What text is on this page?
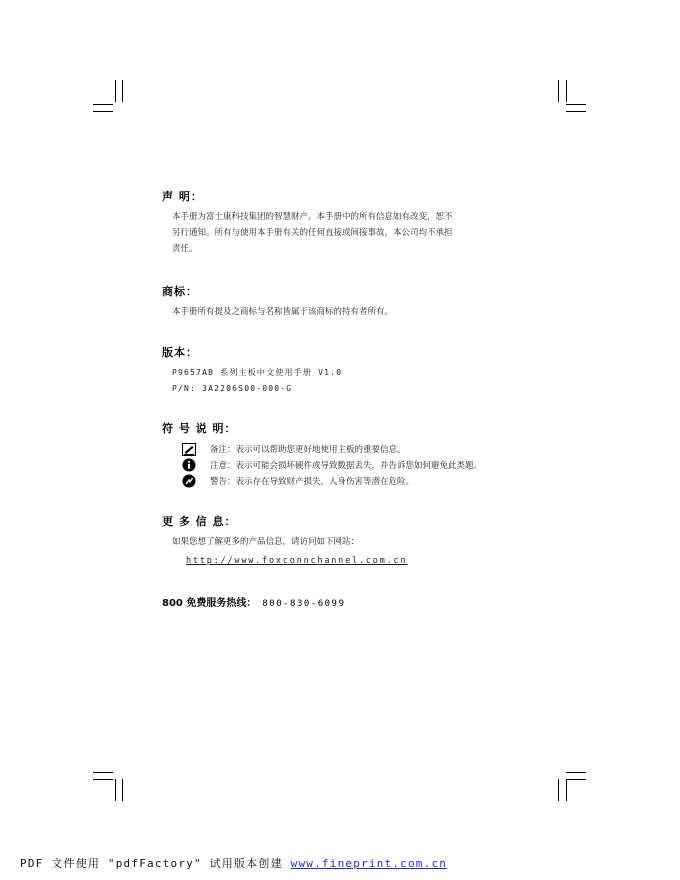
声 明：
本手册为富士康科技集团的智慧财产。本手册中的所有信息如有改变，恕不
另行通知。所有与使用本手册有关的任何直接或间接事故，本公司均不承担
责任。
商标：
本手册所有提及之商标与名称皆属于该商标的持有者所有。
版本：
P9657AB 系列主板中文使用手册 V1.0
P/N: 3A2206S00-000-G
符 号 说 明：
备注：表示可以帮助您更好地使用主板的重要信息。
注意：表示可能会损坏硬件或导致数据丢失，并告诉您如何避免此类题。
警告：表示存在导致财产损失，人身伤害等潜在危险。
更 多 信 息：
如果您想了解更多的产品信息，请访问如下网站：
http://www.foxconnchannel.com.cn
800 免费服务热线： 800-830-6099
PDF 文件使用 "pdfFactory" 试用版本创建 www.fineprint.com.cn
